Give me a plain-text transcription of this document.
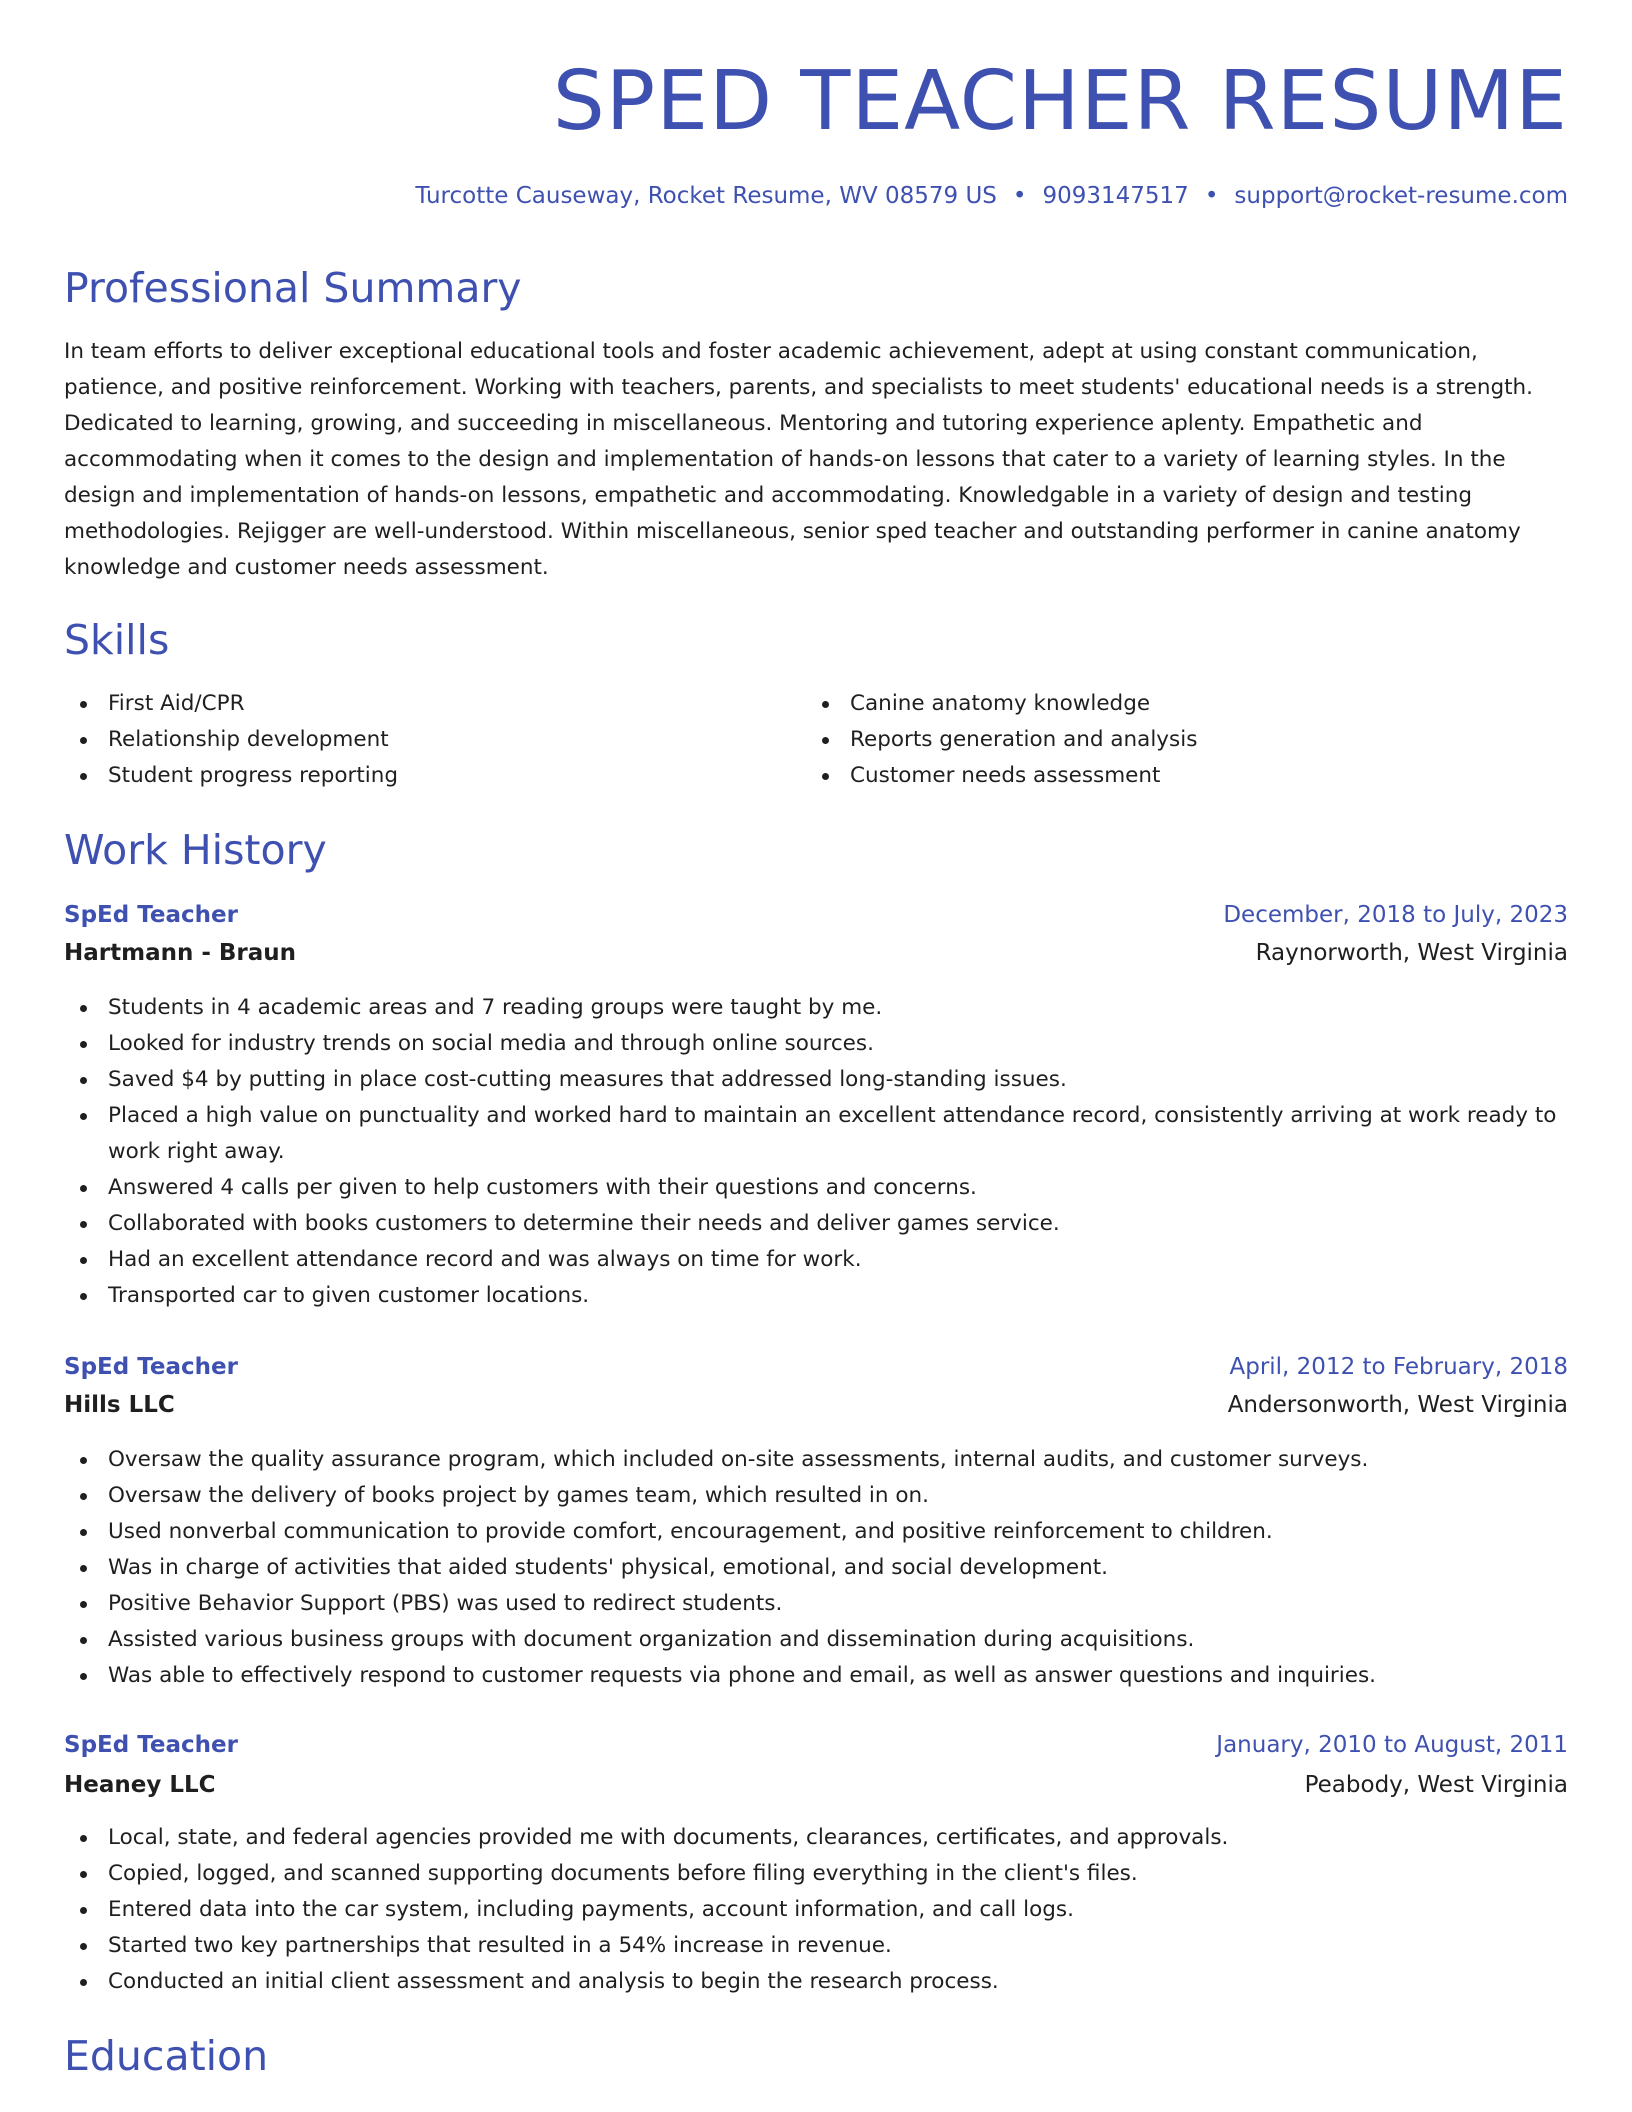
SPED TEACHER RESUME
Turcotte Causeway, Rocket Resume, WV 08579 US • 9093147517 • support@rocket-resume.com
Professional Summary

In team efforts to deliver exceptional educational tools and foster academic achievement, adept at using constant communication, patience, and positive reinforcement. Working with teachers, parents, and specialists to meet students' educational needs is a strength. Dedicated to learning, growing, and succeeding in miscellaneous. Mentoring and tutoring experience aplenty. Empathetic and accommodating when it comes to the design and implementation of hands-on lessons that cater to a variety of learning styles. In the design and implementation of hands-on lessons, empathetic and accommodating. Knowledgable in a variety of design and testing methodologies. Rejigger are well-understood. Within miscellaneous, senior sped teacher and outstanding performer in canine anatomy knowledge and customer needs assessment.

Skills
First Aid/CPR
Relationship development
Student progress reporting
Canine anatomy knowledge
Reports generation and analysis
Customer needs assessment
Work History
SpEd Teacher	December, 2018 to July, 2023
Hartmann - Braun	Raynorworth, West Virginia
Students in 4 academic areas and 7 reading groups were taught by me.
Looked for industry trends on social media and through online sources.
Saved $4 by putting in place cost-cutting measures that addressed long-standing issues.
Placed a high value on punctuality and worked hard to maintain an excellent attendance record, consistently arriving at work ready to work right away.
Answered 4 calls per given to help customers with their questions and concerns.
Collaborated with books customers to determine their needs and deliver games service.
Had an excellent attendance record and was always on time for work.
Transported car to given customer locations.
SpEd Teacher	April, 2012 to February, 2018
Hills LLC	Andersonworth, West Virginia
Oversaw the quality assurance program, which included on-site assessments, internal audits, and customer surveys.
Oversaw the delivery of books project by games team, which resulted in on.
Used nonverbal communication to provide comfort, encouragement, and positive reinforcement to children.
Was in charge of activities that aided students' physical, emotional, and social development.
Positive Behavior Support (PBS) was used to redirect students.
Assisted various business groups with document organization and dissemination during acquisitions.
Was able to effectively respond to customer requests via phone and email, as well as answer questions and inquiries.
SpEd Teacher	January, 2010 to August, 2011
Heaney LLC	Peabody, West Virginia
Local, state, and federal agencies provided me with documents, clearances, certificates, and approvals.
Copied, logged, and scanned supporting documents before filing everything in the client's files.
Entered data into the car system, including payments, account information, and call logs.
Started two key partnerships that resulted in a 54% increase in revenue.
Conducted an initial client assessment and analysis to begin the research process.
Education
